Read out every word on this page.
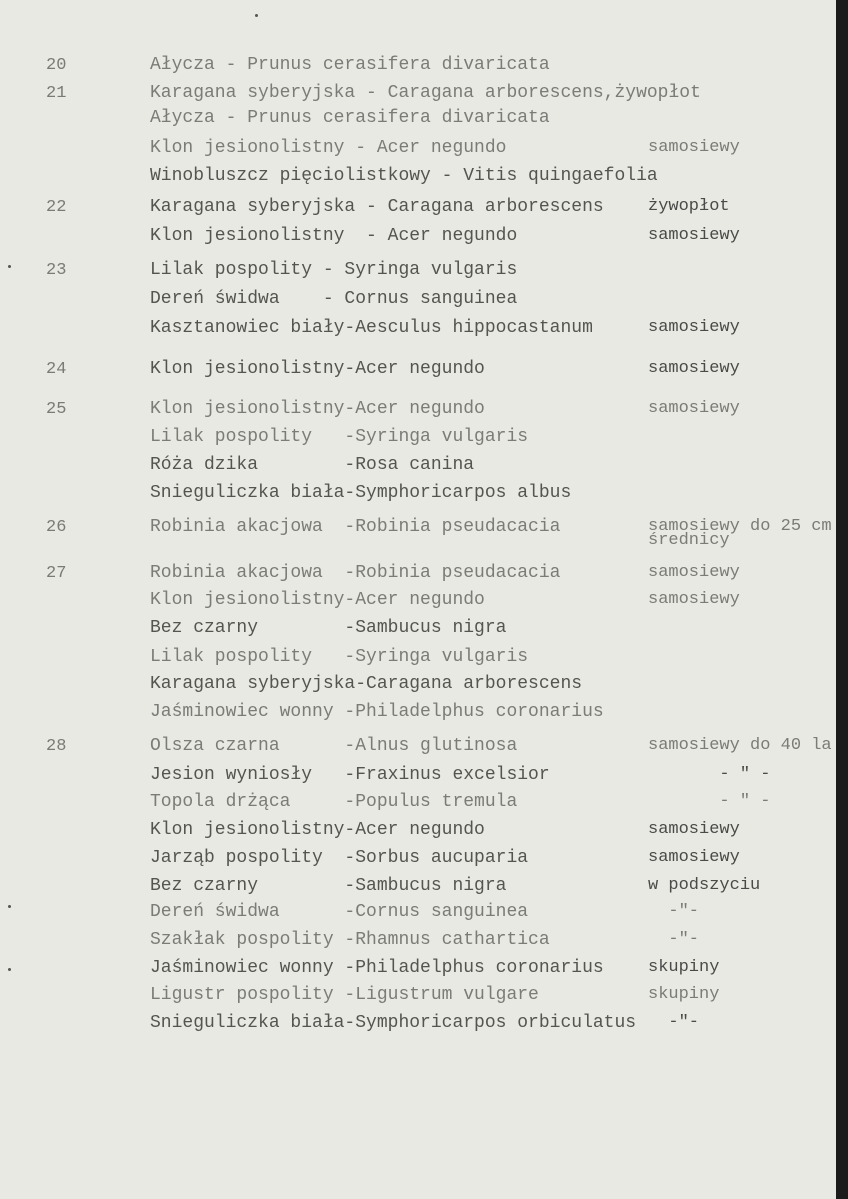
20	Ałycza - Prunus cerasifera divaricata
21	Karagana syberyjska - Caragana arborescens,żywopłot
Ałycza - Prunus cerasifera divaricata
Klon jesionolistny - Acer negundo	samosiewy
Winobluszcz pięciolistkowy - Vitis quingaefolia
22	Karagana syberyjska - Caragana arborescens	żywopłot
Klon jesionolistny  - Acer negundo	samosiewy
23	Lilak pospolity - Syringa vulgaris
Dereń świdwa    - Cornus sanguinea
Kasztanowiec biały-Aesculus hippocastanum	samosiewy
24	Klon jesionolistny-Acer negundo	samosiewy
25	Klon jesionolistny-Acer negundo	samosiewy
Lilak pospolity   -Syringa vulgaris
Róża dzika        -Rosa canina
Snieguliczka biała-Symphoricarpos albus
26	Robinia akacjowa  -Robinia pseudacacia	samosiewy do 25 cm
średnicy
27	Robinia akacjowa  -Robinia pseudacacia	samosiewy
Klon jesionolistny-Acer negundo	samosiewy
Bez czarny        -Sambucus nigra
Lilak pospolity   -Syringa vulgaris
Karagana syberyjska-Caragana arborescens
Jaśminowiec wonny -Philadelphus coronarius
28	Olsza czarna      -Alnus glutinosa	samosiewy do 40 la
Jesion wyniosły   -Fraxinus excelsior	- " -
Topola drżąca     -Populus tremula	- " -
Klon jesionolistny-Acer negundo	samosiewy
Jarząb pospolity  -Sorbus aucuparia	samosiewy
Bez czarny        -Sambucus nigra	w podszyciu
Dereń świdwa      -Cornus sanguinea	-"-
Szakłak pospolity -Rhamnus cathartica	-"-
Jaśminowiec wonny -Philadelphus coronarius	skupiny
Ligustr pospolity -Ligustrum vulgare	skupiny
Snieguliczka biała-Symphoricarpos orbiculatus -"-
